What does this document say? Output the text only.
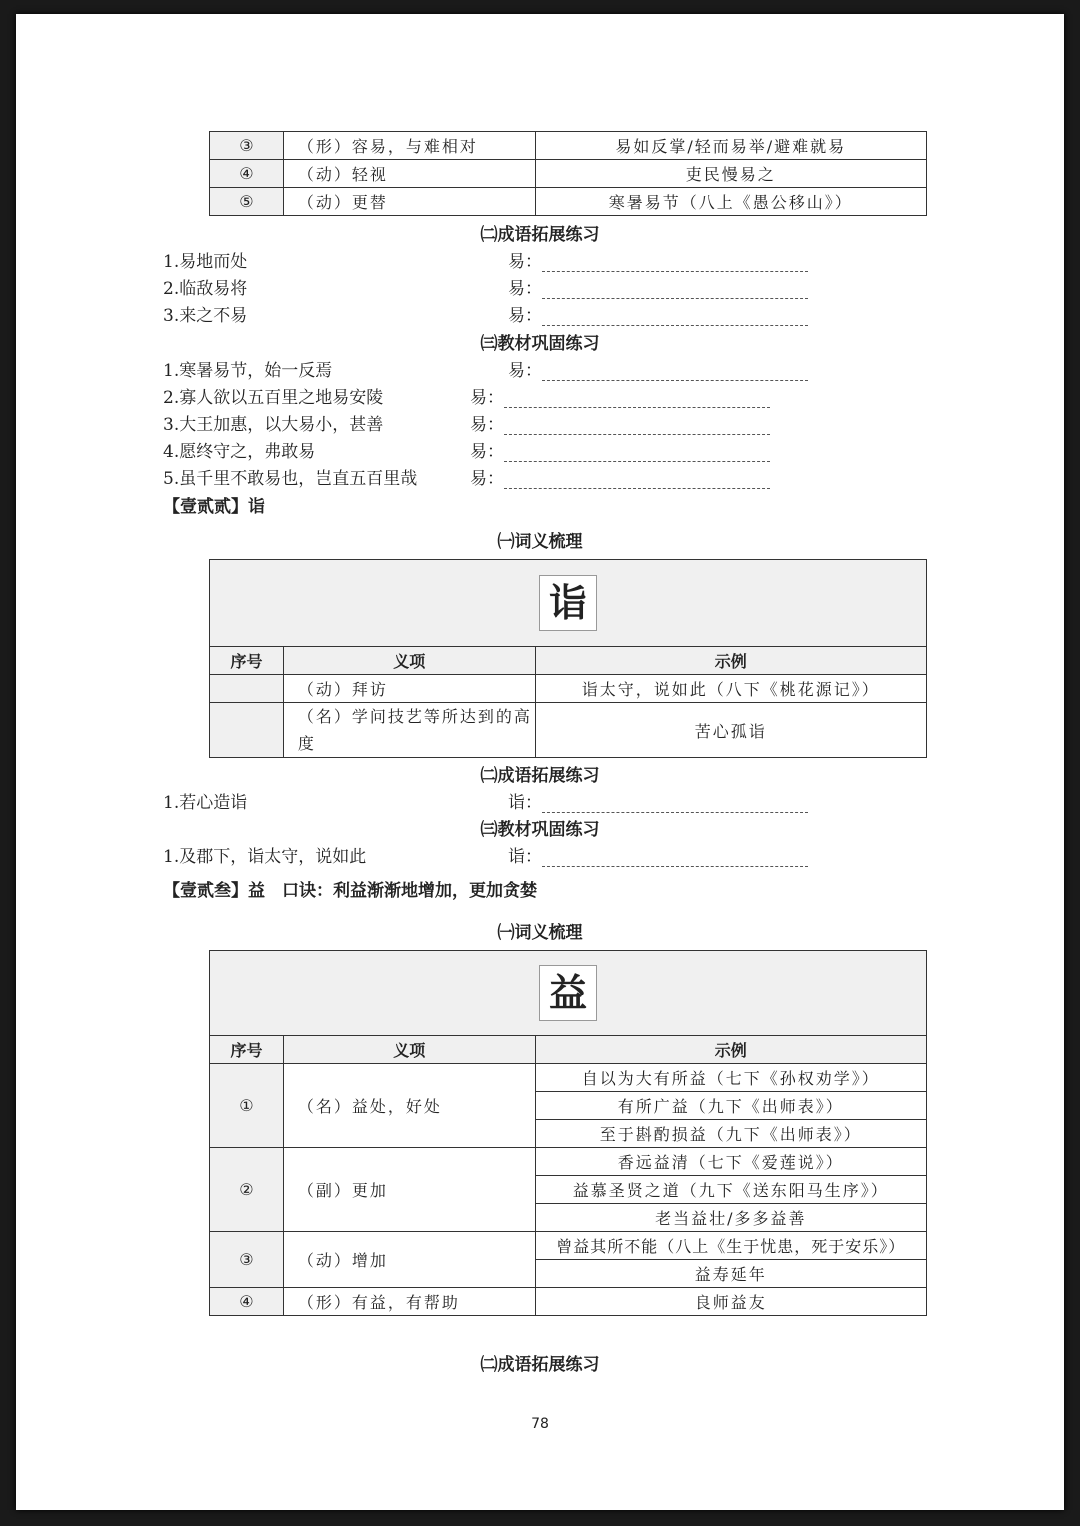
③	（形）容易，与难相对	易如反掌/轻而易举/避难就易
④	（动）轻视	吏民慢易之
⑤	（动）更替	寒暑易节（八上《愚公移山》）
㈡成语拓展练习
1.易地而处	易：
2.临敌易将	易：
3.来之不易	易：
㈢教材巩固练习
1.寒暑易节，始一反焉	易：
2.寡人欲以五百里之地易安陵	易：
3.大王加惠，以大易小，甚善	易：
4.愿终守之，弗敢易	易：
5.虽千里不敢易也，岂直五百里哉	易：
【壹贰贰】诣
㈠词义梳理
诣		
序号	义项	示例
	（动）拜访	诣太守，说如此（八下《桃花源记》）
	（名）学问技艺等所达到的高度	苦心孤诣
㈡成语拓展练习
1.若心造诣	诣：
㈢教材巩固练习
1.及郡下，诣太守，说如此	诣：
【壹贰叁】益　口诀：利益渐渐地增加，更加贪婪
㈠词义梳理
益		
序号	义项	示例
①	（名）益处，好处	自以为大有所益（七下《孙权劝学》）
		有所广益（九下《出师表》）
		至于斟酌损益（九下《出师表》）
②	（副）更加	香远益清（七下《爱莲说》）
		益慕圣贤之道（九下《送东阳马生序》）
		老当益壮/多多益善
③	（动）增加	曾益其所不能（八上《生于忧患，死于安乐》）
		益寿延年
④	（形）有益，有帮助	良师益友
㈡成语拓展练习
78
